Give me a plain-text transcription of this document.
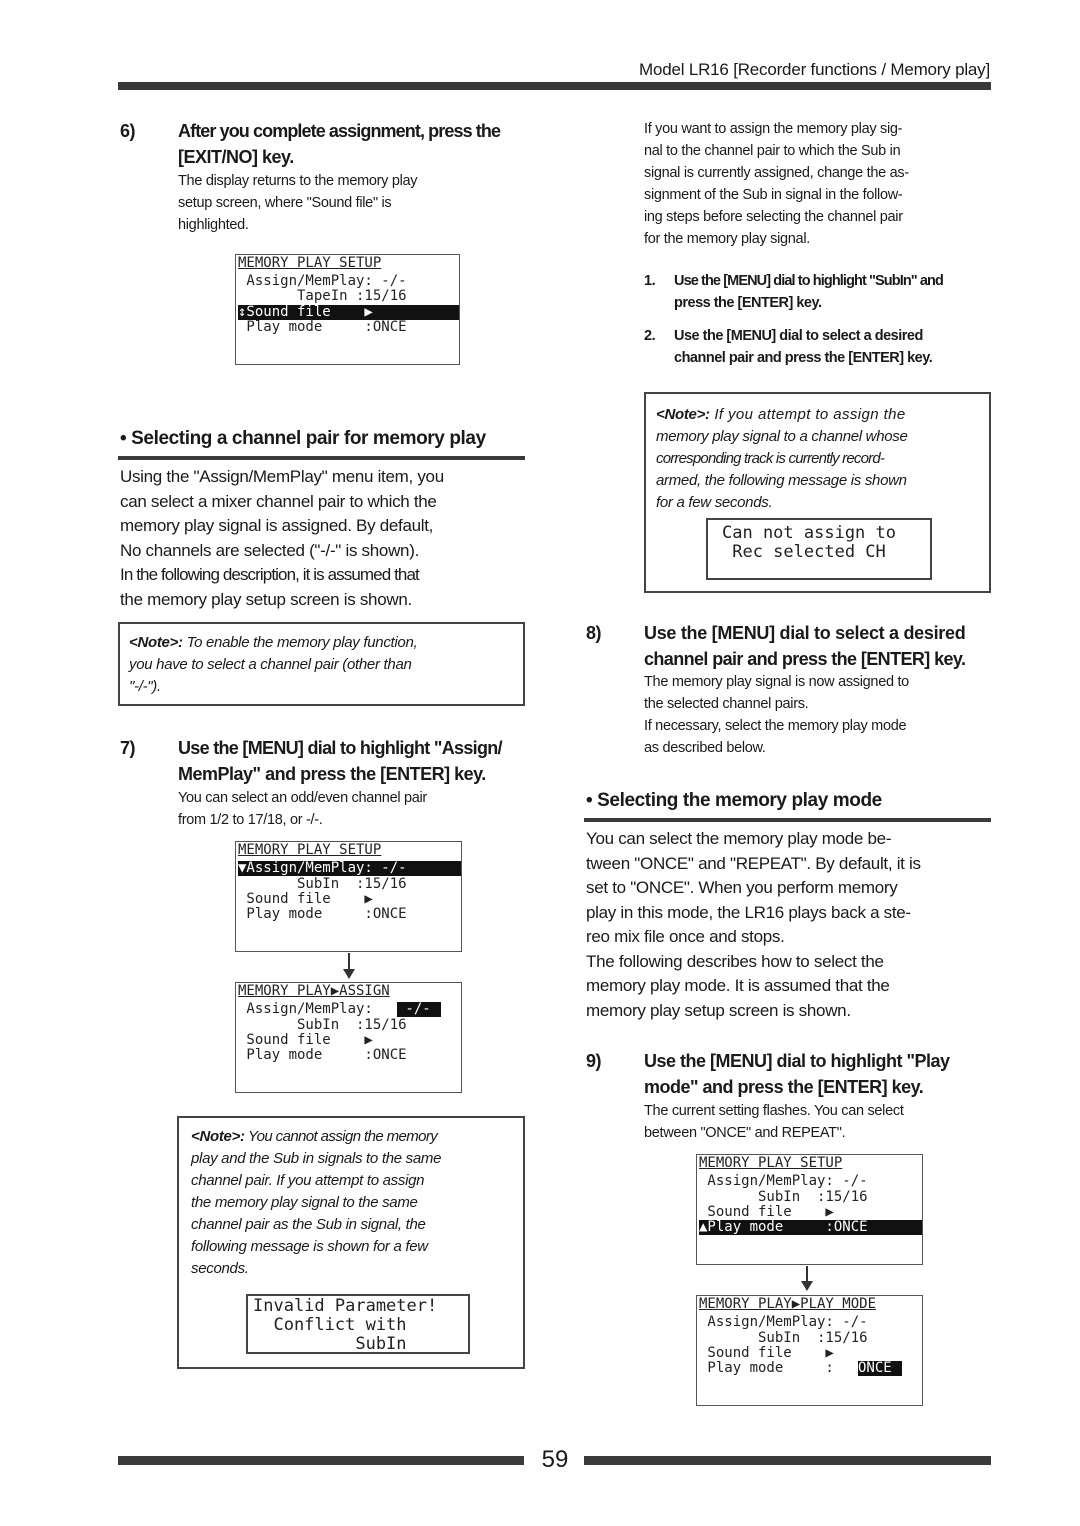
Model LR16 [Recorder functions / Memory play]
6) After you complete assignment, press the
[EXIT/NO] key.
The display returns to the memory play
setup screen, where "Sound file" is
highlighted.
MEMORY PLAY SETUP
Assign/MemPlay: -/-
TapeIn :15/16
↕Sound file    ▶
Play mode     :ONCE
• Selecting a channel pair for memory play
Using the "Assign/MemPlay" menu item, you
can select a mixer channel pair to which the
memory play signal is assigned. By default,
No channels are selected ("-/-" is shown).
In the following description, it is assumed that
the memory play setup screen is shown.
<Note>: To enable the memory play function,
you have to select a channel pair (other than
"-/-").
7) Use the [MENU] dial to highlight "Assign/
MemPlay" and press the [ENTER] key.
You can select an odd/even channel pair
from 1/2 to 17/18, or -/-.
MEMORY PLAY SETUP
▼Assign/MemPlay: -/-
SubIn  :15/16
Sound file    ▶
Play mode     :ONCE
MEMORY PLAY▶ASSIGN
Assign/MemPlay: -/-
SubIn  :15/16
Sound file    ▶
Play mode     :ONCE
<Note>: You cannot assign the memory
play and the Sub in signals to the same
channel pair. If you attempt to assign
the memory play signal to the same
channel pair as the Sub in signal, the
following message is shown for a few
seconds.
Invalid Parameter!
Conflict with
SubIn
If you want to assign the memory play sig-
nal to the channel pair to which the Sub in
signal is currently assigned, change the as-
signment of the Sub in signal in the follow-
ing steps before selecting the channel pair
for the memory play signal.
1. Use the [MENU] dial to highlight "SubIn" and
press the [ENTER] key.
2. Use the [MENU] dial to select a desired
channel pair and press the [ENTER] key.
<Note>: If you attempt to assign the
memory play signal to a channel whose
corresponding track is currently record-
armed, the following message is shown
for a few seconds.
Can not assign to
Rec selected CH
8) Use the [MENU] dial to select a desired
channel pair and press the [ENTER] key.
The memory play signal is now assigned to
the selected channel pairs.
If necessary, select the memory play mode
as described below.
• Selecting the memory play mode
You can select the memory play mode be-
tween "ONCE" and "REPEAT". By default, it is
set to "ONCE". When you perform memory
play in this mode, the LR16 plays back a ste-
reo mix file once and stops.
The following describes how to select the
memory play mode. It is assumed that the
memory play setup screen is shown.
9) Use the [MENU] dial to highlight "Play
mode" and press the [ENTER] key.
The current setting flashes. You can select
between "ONCE" and REPEAT".
MEMORY PLAY SETUP
Assign/MemPlay: -/-
SubIn  :15/16
Sound file    ▶
▲Play mode     :ONCE
MEMORY PLAY▶PLAY MODE
Assign/MemPlay: -/-
SubIn  :15/16
Sound file    ▶
Play mode     : ONCE
59
